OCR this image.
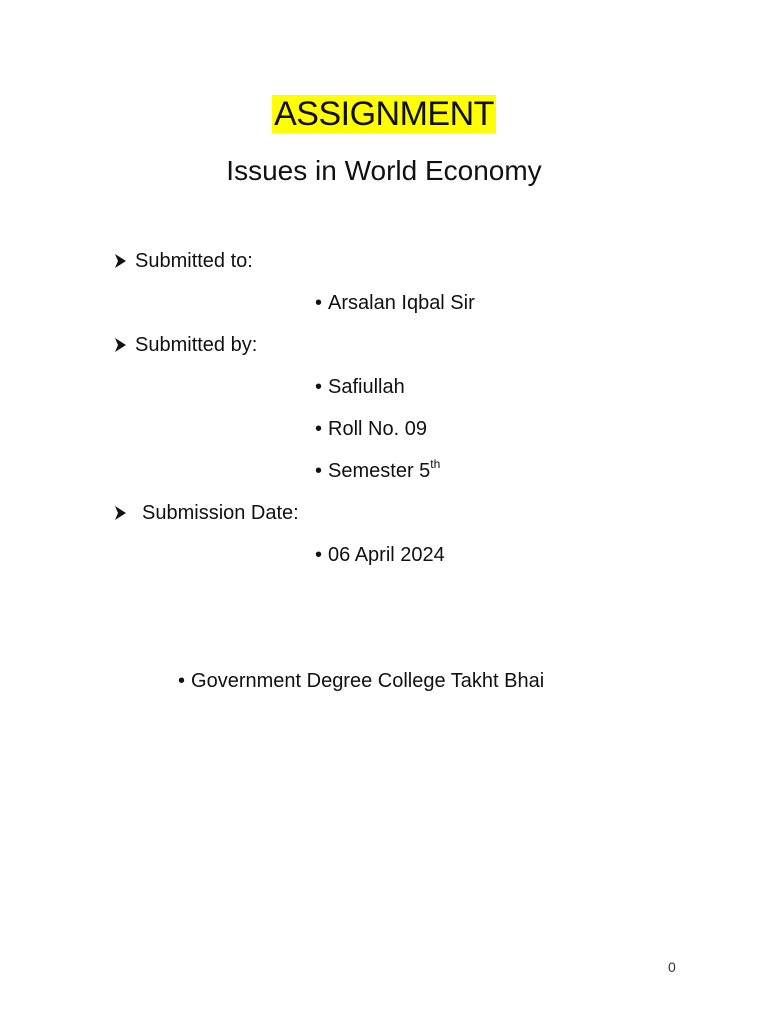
ASSIGNMENT
Issues in World Economy
Submitted to:
• Arsalan Iqbal Sir
Submitted by:
• Safiullah
• Roll No. 09
• Semester 5th
Submission Date:
• 06 April 2024
• Government Degree College Takht Bhai
0
